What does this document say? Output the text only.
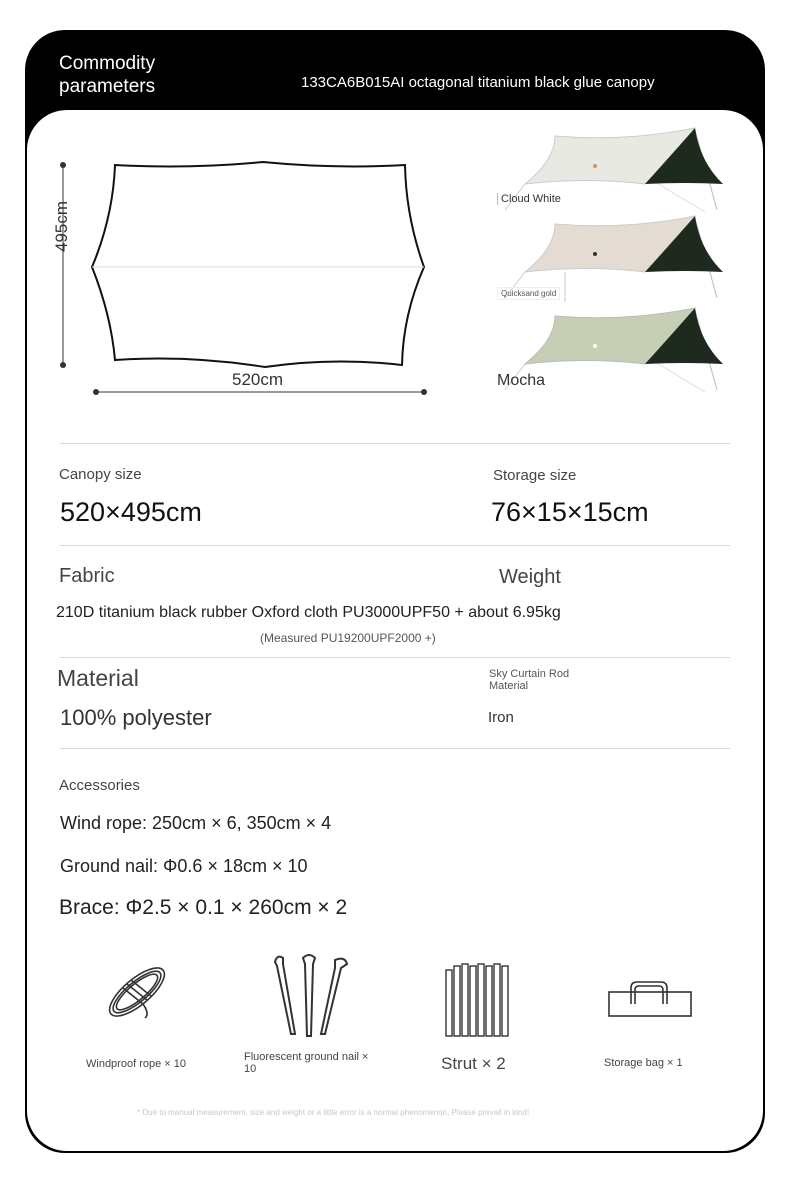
Commodity parameters	133CA6B015AI octagonal titanium black glue canopy
495cm
520cm
Cloud White
Quicksand gold
Mocha
Canopy size
520×495cm
Storage size
76×15×15cm
Fabric	Weight
210D titanium black rubber Oxford cloth PU3000UPF50 + about 6.95kg
(Measured PU19200UPF2000 +)
Material
100% polyester
Sky Curtain Rod Material
Iron
Accessories
Wind rope: 250cm × 6, 350cm × 4
Ground nail: Φ0.6 × 18cm × 10
Brace: Φ2.5 × 0.1 × 260cm × 2
Windproof rope × 10
Fluorescent ground nail × 10	Strut × 2	Storage bag × 1
* Due to manual measurement, size and weight or a little error is a normal phenomenon, Please prevail in kind!
